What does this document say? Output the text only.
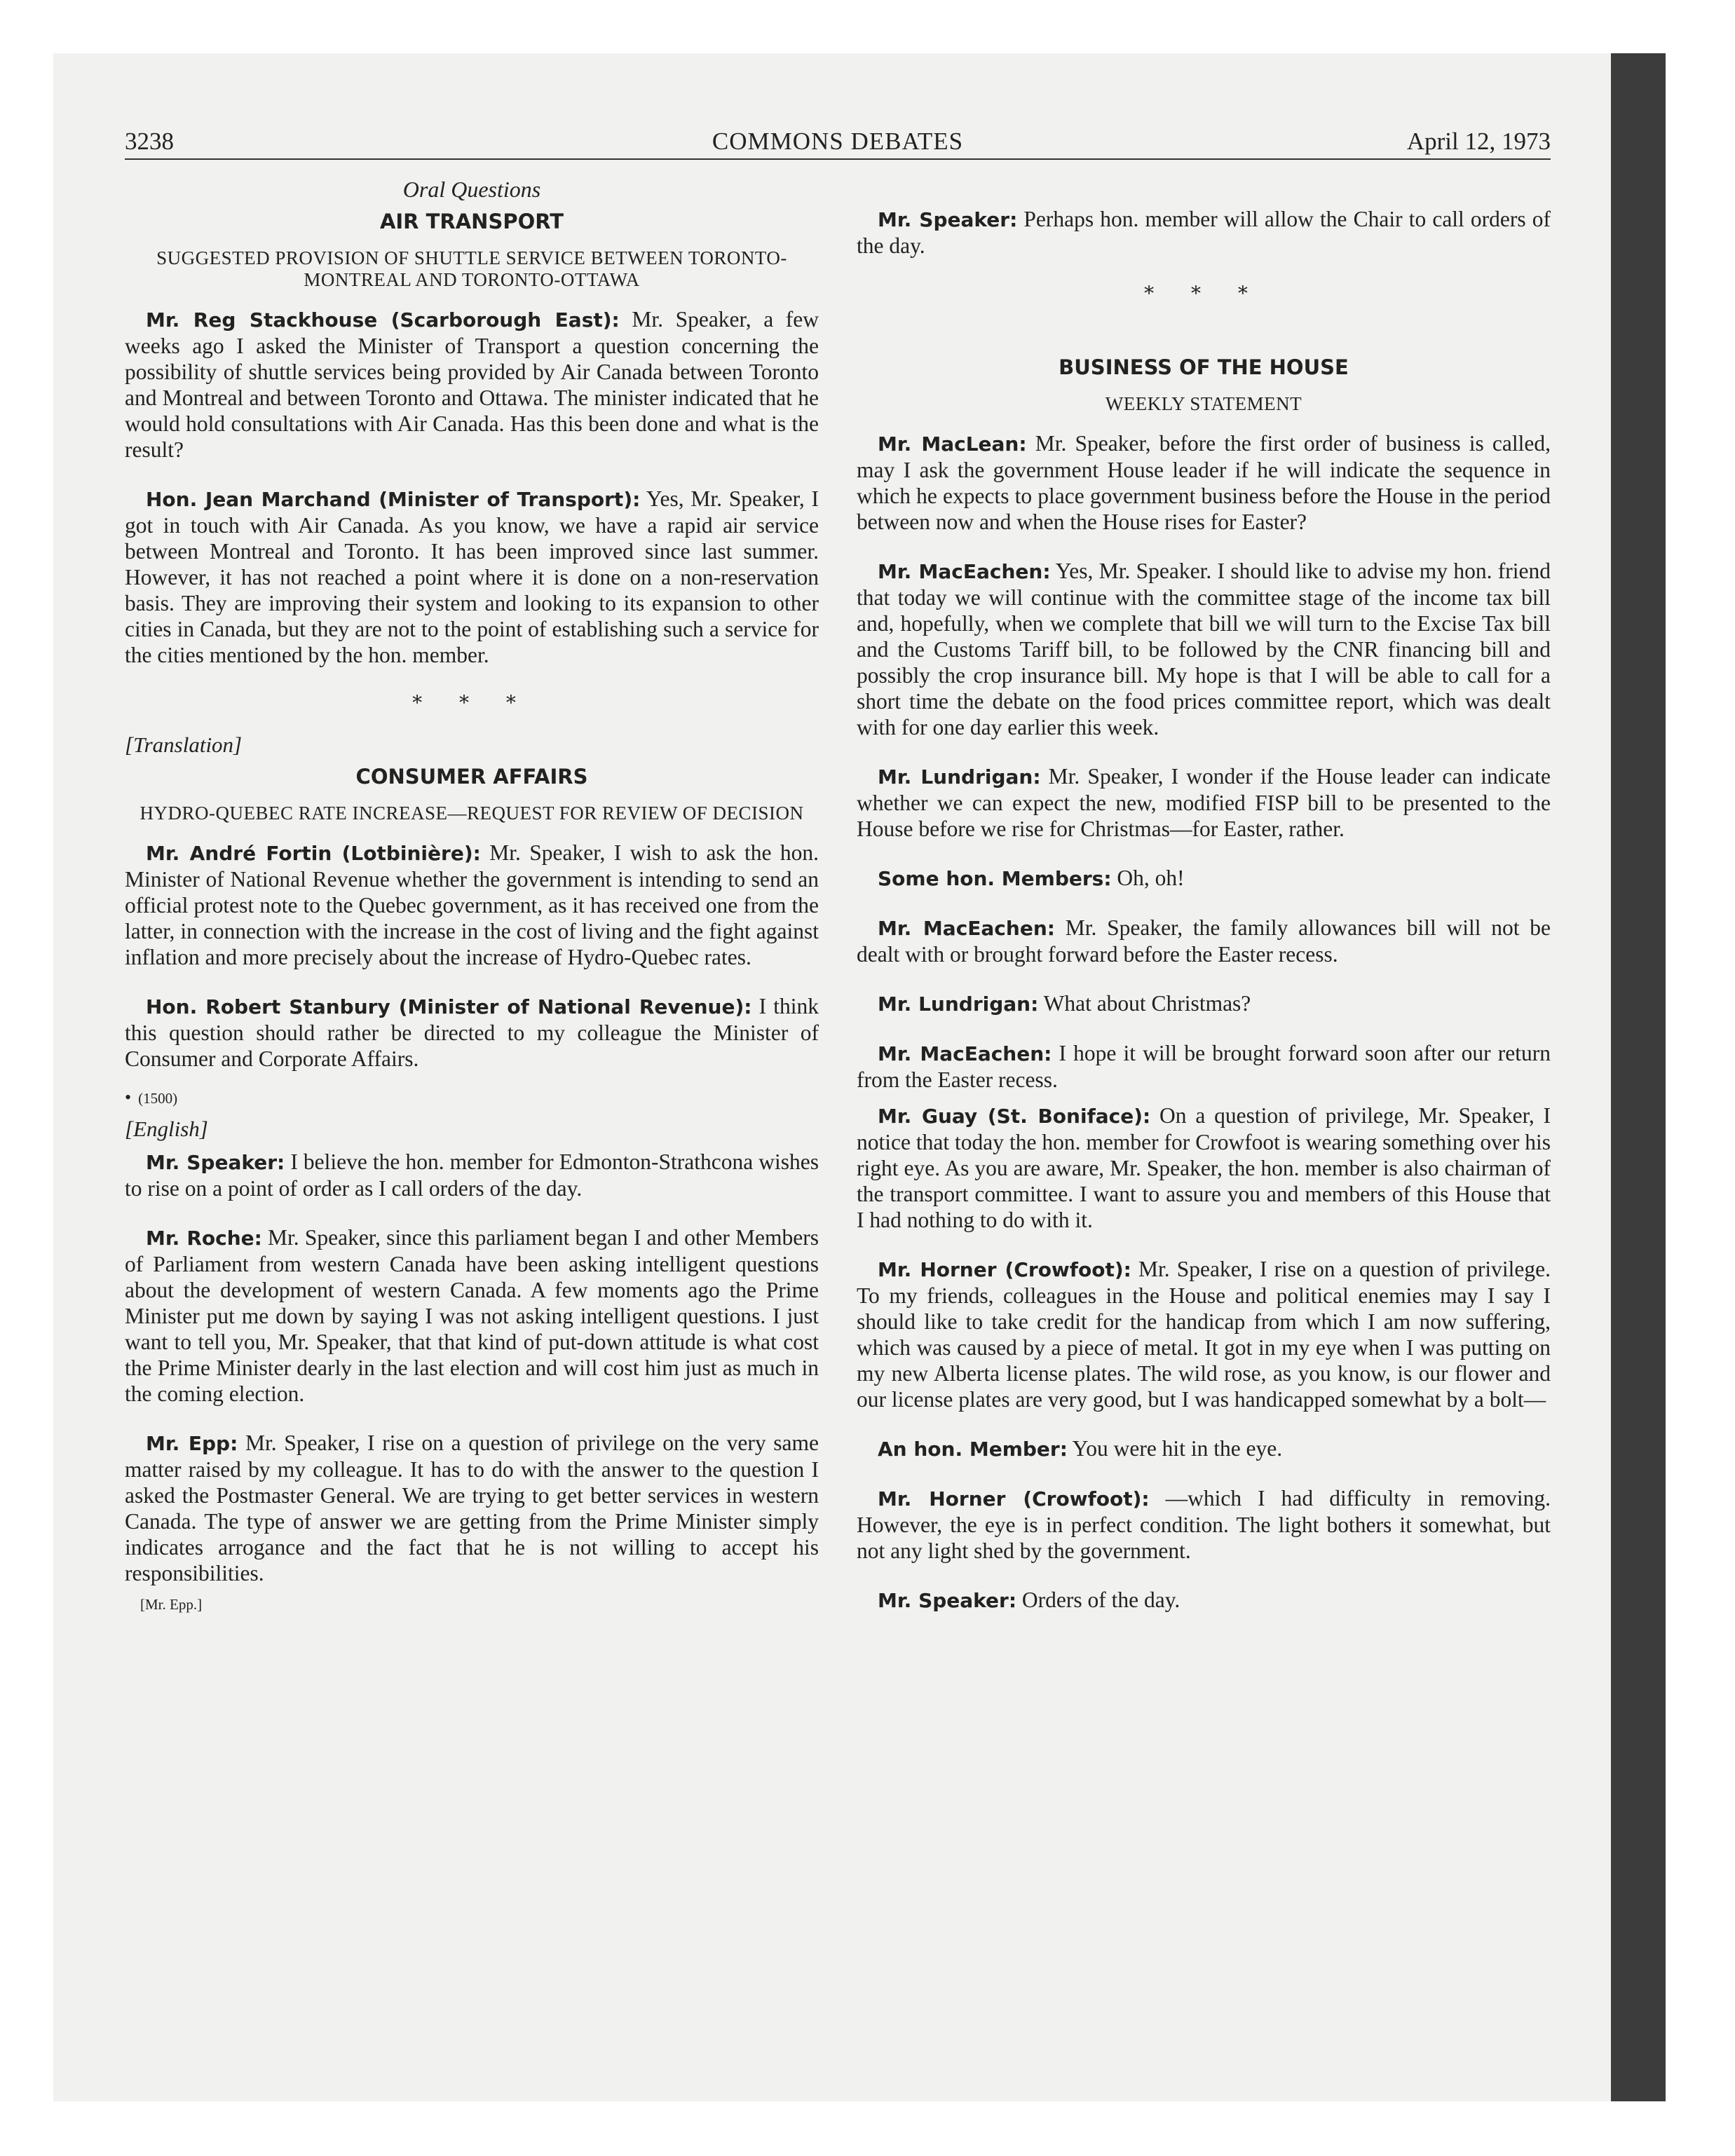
3238	COMMONS DEBATES	April 12, 1973
Oral Questions
AIR TRANSPORT
SUGGESTED PROVISION OF SHUTTLE SERVICE BETWEEN TORONTO-MONTREAL AND TORONTO-OTTAWA

Mr. Reg Stackhouse (Scarborough East): Mr. Speaker, a few weeks ago I asked the Minister of Transport a question concerning the possibility of shuttle services being provided by Air Canada between Toronto and Montreal and between Toronto and Ottawa. The minister indicated that he would hold consultations with Air Canada. Has this been done and what is the result?

Hon. Jean Marchand (Minister of Transport): Yes, Mr. Speaker, I got in touch with Air Canada. As you know, we have a rapid air service between Montreal and Toronto. It has been improved since last summer. However, it has not reached a point where it is done on a non-reservation basis. They are improving their system and looking to its expansion to other cities in Canada, but they are not to the point of establishing such a service for the cities mentioned by the hon. member.

* * *
[Translation]
CONSUMER AFFAIRS
HYDRO-QUEBEC RATE INCREASE—REQUEST FOR REVIEW OF DECISION

Mr. André Fortin (Lotbinière): Mr. Speaker, I wish to ask the hon. Minister of National Revenue whether the government is intending to send an official protest note to the Quebec government, as it has received one from the latter, in connection with the increase in the cost of living and the fight against inflation and more precisely about the increase of Hydro-Quebec rates.

Hon. Robert Stanbury (Minister of National Revenue): I think this question should rather be directed to my colleague the Minister of Consumer and Corporate Affairs.

• (1500)
[English]

Mr. Speaker: I believe the hon. member for Edmonton-Strathcona wishes to rise on a point of order as I call orders of the day.

Mr. Roche: Mr. Speaker, since this parliament began I and other Members of Parliament from western Canada have been asking intelligent questions about the development of western Canada. A few moments ago the Prime Minister put me down by saying I was not asking intelligent questions. I just want to tell you, Mr. Speaker, that that kind of put-down attitude is what cost the Prime Minister dearly in the last election and will cost him just as much in the coming election.

Mr. Epp: Mr. Speaker, I rise on a question of privilege on the very same matter raised by my colleague. It has to do with the answer to the question I asked the Postmaster General. We are trying to get better services in western Canada. The type of answer we are getting from the Prime Minister simply indicates arrogance and the fact that he is not willing to accept his responsibilities.

[Mr. Epp.]

Mr. Speaker: Perhaps hon. member will allow the Chair to call orders of the day.

* * *
BUSINESS OF THE HOUSE
WEEKLY STATEMENT

Mr. MacLean: Mr. Speaker, before the first order of business is called, may I ask the government House leader if he will indicate the sequence in which he expects to place government business before the House in the period between now and when the House rises for Easter?

Mr. MacEachen: Yes, Mr. Speaker. I should like to advise my hon. friend that today we will continue with the committee stage of the income tax bill and, hopefully, when we complete that bill we will turn to the Excise Tax bill and the Customs Tariff bill, to be followed by the CNR financing bill and possibly the crop insurance bill. My hope is that I will be able to call for a short time the debate on the food prices committee report, which was dealt with for one day earlier this week.

Mr. Lundrigan: Mr. Speaker, I wonder if the House leader can indicate whether we can expect the new, modified FISP bill to be presented to the House before we rise for Christmas—for Easter, rather.

Some hon. Members: Oh, oh!

Mr. MacEachen: Mr. Speaker, the family allowances bill will not be dealt with or brought forward before the Easter recess.

Mr. Lundrigan: What about Christmas?

Mr. MacEachen: I hope it will be brought forward soon after our return from the Easter recess.

Mr. Guay (St. Boniface): On a question of privilege, Mr. Speaker, I notice that today the hon. member for Crowfoot is wearing something over his right eye. As you are aware, Mr. Speaker, the hon. member is also chairman of the transport committee. I want to assure you and members of this House that I had nothing to do with it.

Mr. Horner (Crowfoot): Mr. Speaker, I rise on a question of privilege. To my friends, colleagues in the House and political enemies may I say I should like to take credit for the handicap from which I am now suffering, which was caused by a piece of metal. It got in my eye when I was putting on my new Alberta license plates. The wild rose, as you know, is our flower and our license plates are very good, but I was handicapped somewhat by a bolt—

An hon. Member: You were hit in the eye.

Mr. Horner (Crowfoot): —which I had difficulty in removing. However, the eye is in perfect condition. The light bothers it somewhat, but not any light shed by the government.

Mr. Speaker: Orders of the day.
